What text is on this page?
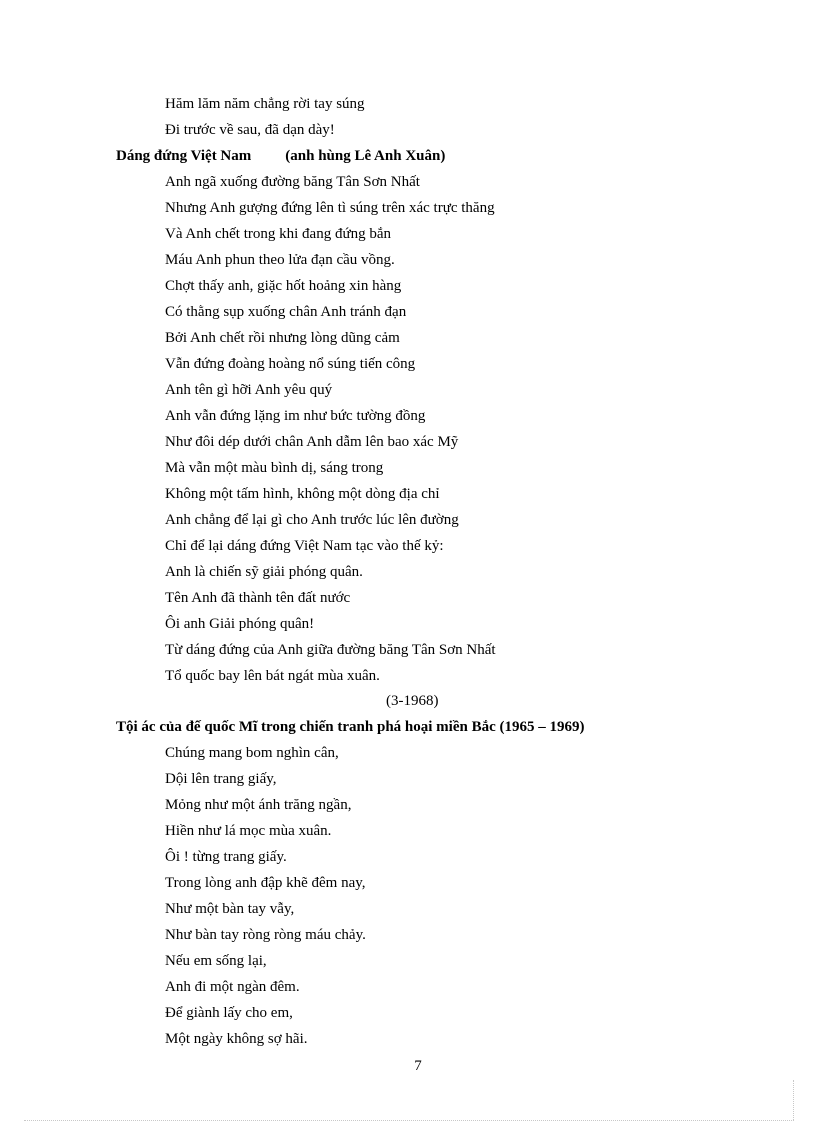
Hăm lăm năm chẳng rời tay súng

Đi trước về sau, đã dạn dày!

Dáng đứng Việt Nam (anh hùng Lê Anh Xuân)

Anh ngã xuống đường băng Tân Sơn Nhất

Nhưng Anh gượng đứng lên tì súng trên xác trực thăng

Và Anh chết trong khi đang đứng bắn

Máu Anh phun theo lửa đạn cầu vồng.

Chợt thấy anh, giặc hốt hoảng xin hàng

Có thằng sụp xuống chân Anh tránh đạn

Bởi Anh chết rồi nhưng lòng dũng cảm

Vẫn đứng đoàng hoàng nổ súng tiến công

Anh tên gì hỡi Anh yêu quý

Anh vẫn đứng lặng im như bức tường đồng

Như đôi dép dưới chân Anh dẫm lên bao xác Mỹ

Mà vẫn một màu bình dị, sáng trong

Không một tấm hình, không một dòng địa chỉ

Anh chẳng để lại gì cho Anh trước lúc lên đường

Chỉ để lại dáng đứng Việt Nam tạc vào thế kỷ:

Anh là chiến sỹ giải phóng quân.

Tên Anh đã thành tên đất nước

Ôi anh Giải phóng quân!

Từ dáng đứng của Anh giữa đường băng Tân Sơn Nhất

Tổ quốc bay lên bát ngát mùa xuân.

(3-1968)

Tội ác của đế quốc Mĩ trong chiến tranh phá hoại miền Bắc (1965 – 1969)

Chúng mang bom nghìn cân,

Dội lên trang giấy,

Mỏng như một ánh trăng ngần,

Hiền như lá mọc mùa xuân.

Ôi ! từng trang giấy.

Trong lòng anh đập khẽ đêm nay,

Như một bàn tay vẫy,

Như bàn tay ròng ròng máu chảy.

Nếu em sống lại,

Anh đi một ngàn đêm.

Để giành lấy cho em,

Một ngày không sợ hãi.

7
